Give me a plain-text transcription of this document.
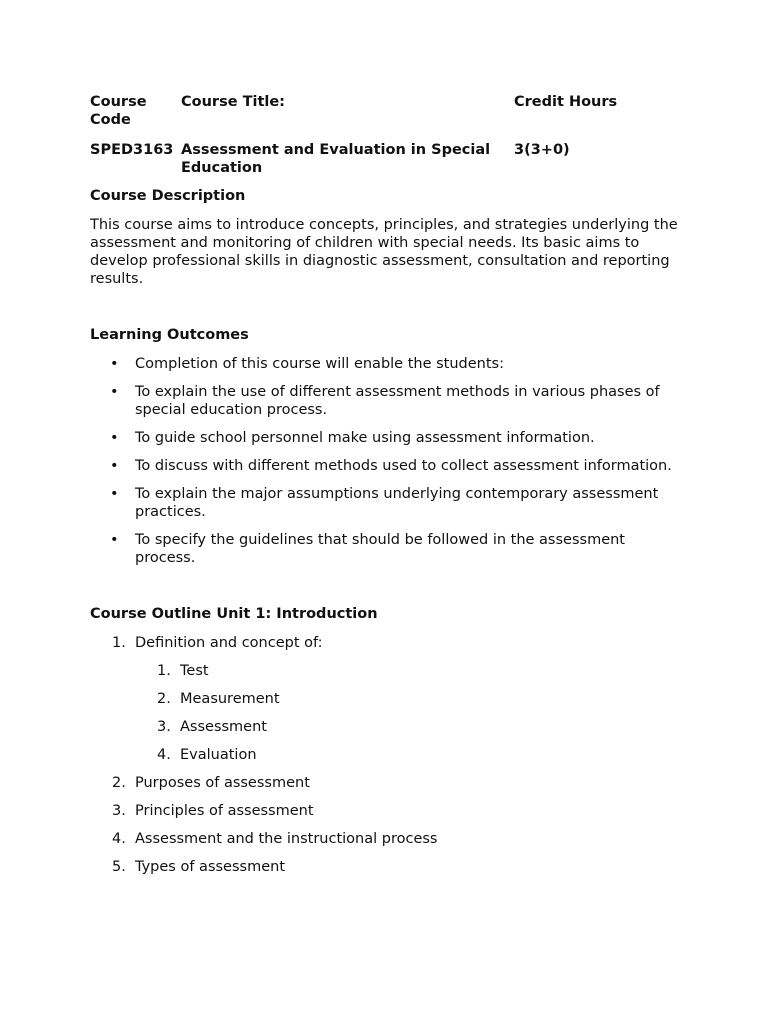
Course Code	Course Title:	Credit Hours
SPED3163	Assessment and Evaluation in Special Education	3(3+0)

Course Description

This course aims to introduce concepts, principles, and strategies underlying the assessment and monitoring of children with special needs. Its basic aims to develop professional skills in diagnostic assessment, consultation and reporting results.

Learning Outcomes

• Completion of this course will enable the students:
• To explain the use of different assessment methods in various phases of special education process.
• To guide school personnel make using assessment information.
• To discuss with different methods used to collect assessment information.
• To explain the major assumptions underlying contemporary assessment practices.
• To specify the guidelines that should be followed in the assessment process.

Course Outline Unit 1: Introduction

1. Definition and concept of:
1. Test
2. Measurement
3. Assessment
4. Evaluation
2. Purposes of assessment
3. Principles of assessment
4. Assessment and the instructional process
5. Types of assessment
